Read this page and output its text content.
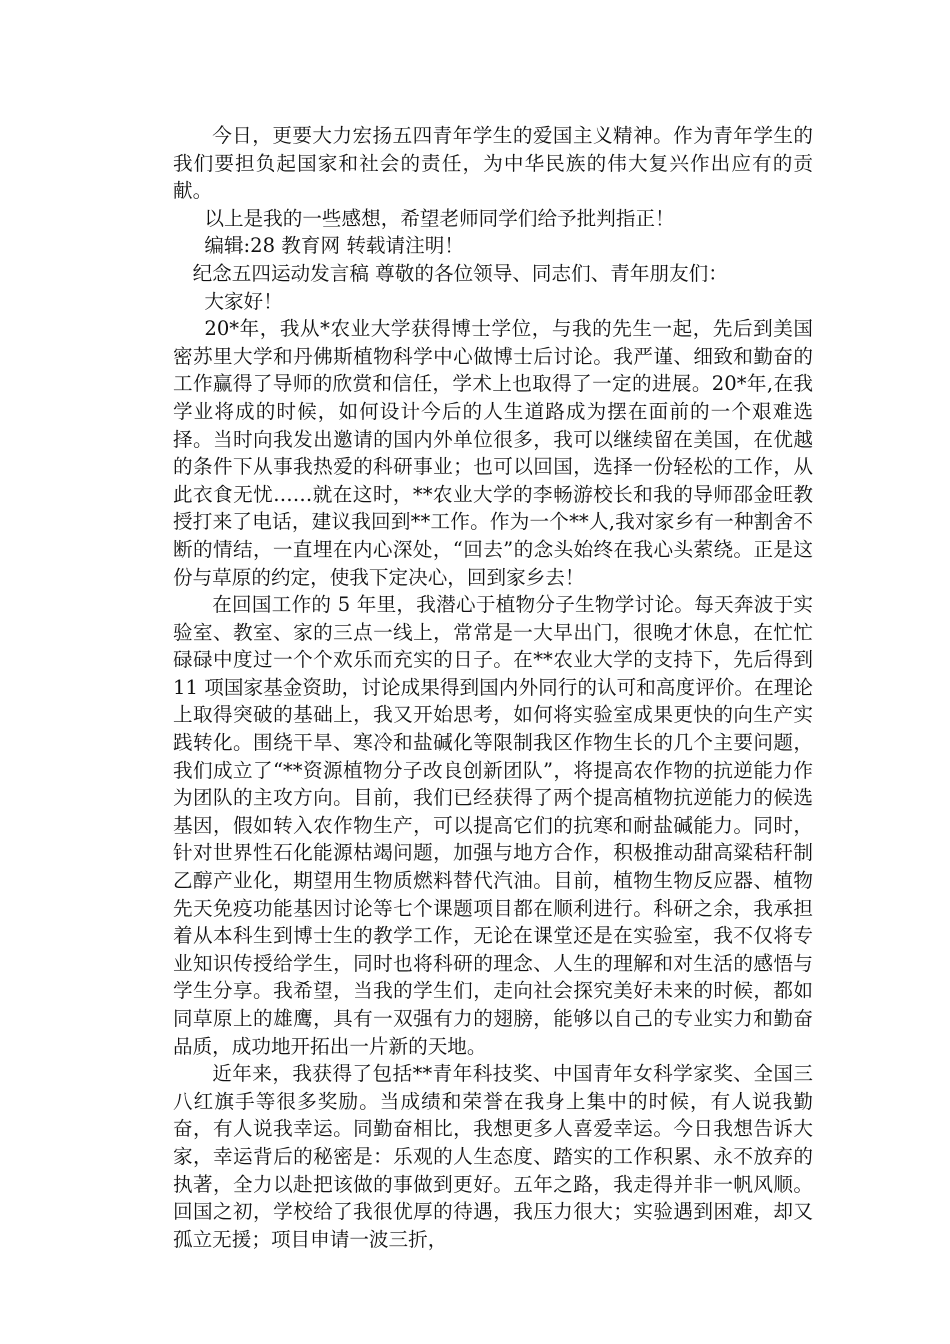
今日，更要大力宏扬五四青年学生的爱国主义精神。作为青年学生的我们要担负起国家和社会的责任，为中华民族的伟大复兴作出应有的贡献。

以上是我的一些感想，希望老师同学们给予批判指正！

编辑:28 教育网 转载请注明！

纪念五四运动发言稿 尊敬的各位领导、同志们、青年朋友们：

大家好！

20*年，我从*农业大学获得博士学位，与我的先生一起，先后到美国密苏里大学和丹佛斯植物科学中心做博士后讨论。我严谨、细致和勤奋的工作赢得了导师的欣赏和信任，学术上也取得了一定的进展。20*年,在我学业将成的时候，如何设计今后的人生道路成为摆在面前的一个艰难选择。当时向我发出邀请的国内外单位很多，我可以继续留在美国，在优越的条件下从事我热爱的科研事业；也可以回国，选择一份轻松的工作，从此衣食无忧……就在这时，**农业大学的李畅游校长和我的导师邵金旺教授打来了电话，建议我回到**工作。作为一个**人,我对家乡有一种割舍不断的情结，一直埋在内心深处，“回去”的念头始终在我心头萦绕。正是这份与草原的约定，使我下定决心，回到家乡去！

在回国工作的 5 年里，我潜心于植物分子生物学讨论。每天奔波于实验室、教室、家的三点一线上，常常是一大早出门，很晚才休息，在忙忙碌碌中度过一个个欢乐而充实的日子。在**农业大学的支持下，先后得到 11 项国家基金资助，讨论成果得到国内外同行的认可和高度评价。在理论上取得突破的基础上，我又开始思考，如何将实验室成果更快的向生产实践转化。围绕干旱、寒冷和盐碱化等限制我区作物生长的几个主要问题，我们成立了“**资源植物分子改良创新团队”，将提高农作物的抗逆能力作为团队的主攻方向。目前，我们已经获得了两个提高植物抗逆能力的候选基因，假如转入农作物生产，可以提高它们的抗寒和耐盐碱能力。同时，针对世界性石化能源枯竭问题，加强与地方合作，积极推动甜高粱秸秆制乙醇产业化，期望用生物质燃料替代汽油。目前，植物生物反应器、植物先天免疫功能基因讨论等七个课题项目都在顺利进行。科研之余，我承担着从本科生到博士生的教学工作，无论在课堂还是在实验室，我不仅将专业知识传授给学生，同时也将科研的理念、人生的理解和对生活的感悟与学生分享。我希望，当我的学生们，走向社会探究美好未来的时候，都如同草原上的雄鹰，具有一双强有力的翅膀，能够以自己的专业实力和勤奋品质，成功地开拓出一片新的天地。

近年来，我获得了包括**青年科技奖、中国青年女科学家奖、全国三八红旗手等很多奖励。当成绩和荣誉在我身上集中的时候，有人说我勤奋，有人说我幸运。同勤奋相比，我想更多人喜爱幸运。今日我想告诉大家，幸运背后的秘密是：乐观的人生态度、踏实的工作积累、永不放弃的执著，全力以赴把该做的事做到更好。五年之路，我走得并非一帆风顺。回国之初，学校给了我很优厚的待遇，我压力很大；实验遇到困难，却又孤立无援；项目申请一波三折，
